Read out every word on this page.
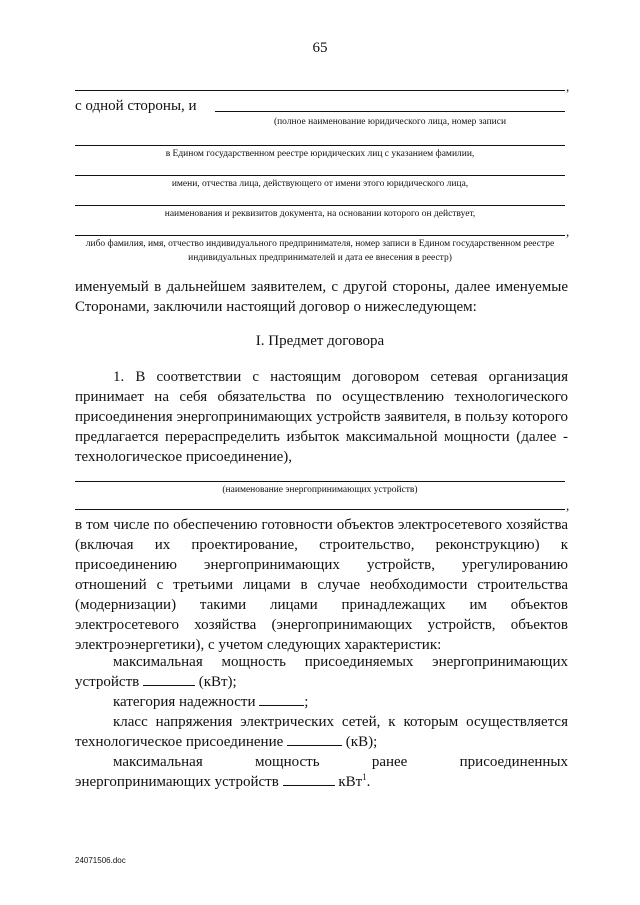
65
,
с одной стороны, и
(полное наименование юридического лица, номер записи
в Едином государственном реестре юридических лиц с указанием фамилии,
имени, отчества лица, действующего от имени этого юридического лица,
наименования и реквизитов документа, на основании которого он действует,
,
либо фамилия, имя, отчество индивидуального предпринимателя, номер записи в Едином государственном реестре индивидуальных предпринимателей и дата ее внесения в реестр)

именуемый в дальнейшем заявителем, с другой стороны, далее именуемые Сторонами, заключили настоящий договор о нижеследующем:

I. Предмет договора

1. В соответствии с настоящим договором сетевая организация принимает на себя обязательства по осуществлению технологического присоединения энергопринимающих устройств заявителя, в пользу которого предлагается перераспределить избыток максимальной мощности (далее - технологическое присоединение),

(наименование энергопринимающих устройств)
,

в том числе по обеспечению готовности объектов электросетевого хозяйства (включая их проектирование, строительство, реконструкцию) к присоединению энергопринимающих устройств, урегулированию отношений с третьими лицами в случае необходимости строительства (модернизации) такими лицами принадлежащих им объектов электросетевого хозяйства (энергопринимающих устройств, объектов электроэнергетики), с учетом следующих характеристик:

максимальная мощность присоединяемых энергопринимающих устройств	(кВт);

категория надежности	;

класс напряжения электрических сетей, к которым осуществляется технологическое присоединение	(кВ);

максимальная	мощность	ранее	присоединенных
энергопринимающих устройств	кВт$^1$.
24071506.doc
